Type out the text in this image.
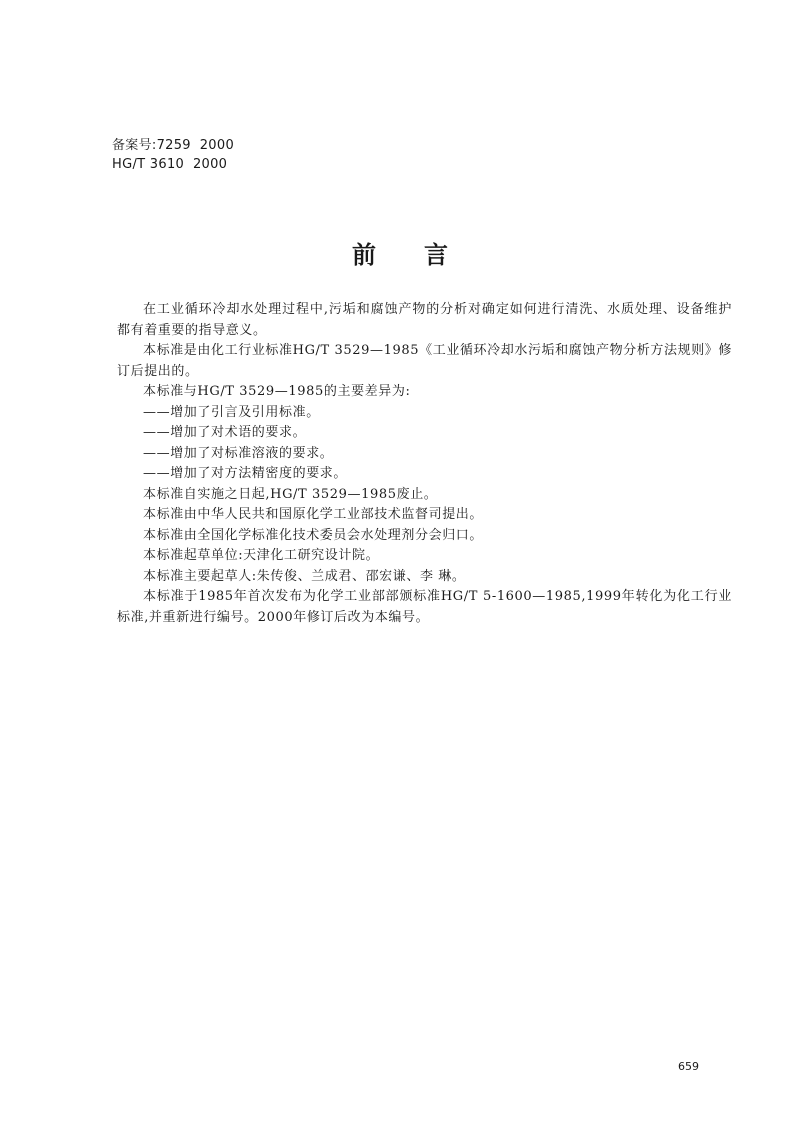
备案号:7259  2000
HG/T 3610  2000
前言

在工业循环冷却水处理过程中,污垢和腐蚀产物的分析对确定如何进行清洗、水质处理、设备维护都有着重要的指导意义。

本标准是由化工行业标准HG/T 3529—1985《工业循环冷却水污垢和腐蚀产物分析方法规则》修订后提出的。

本标准与HG/T 3529—1985的主要差异为:

——增加了引言及引用标准。

——增加了对术语的要求。

——增加了对标准溶液的要求。

——增加了对方法精密度的要求。

本标准自实施之日起,HG/T 3529—1985废止。

本标准由中华人民共和国原化学工业部技术监督司提出。

本标准由全国化学标准化技术委员会水处理剂分会归口。

本标准起草单位:天津化工研究设计院。

本标准主要起草人:朱传俊、兰成君、邵宏谦、李 琳。

本标准于1985年首次发布为化学工业部部颁标准HG/T 5-1600—1985,1999年转化为化工行业标准,并重新进行编号。2000年修订后改为本编号。

659
